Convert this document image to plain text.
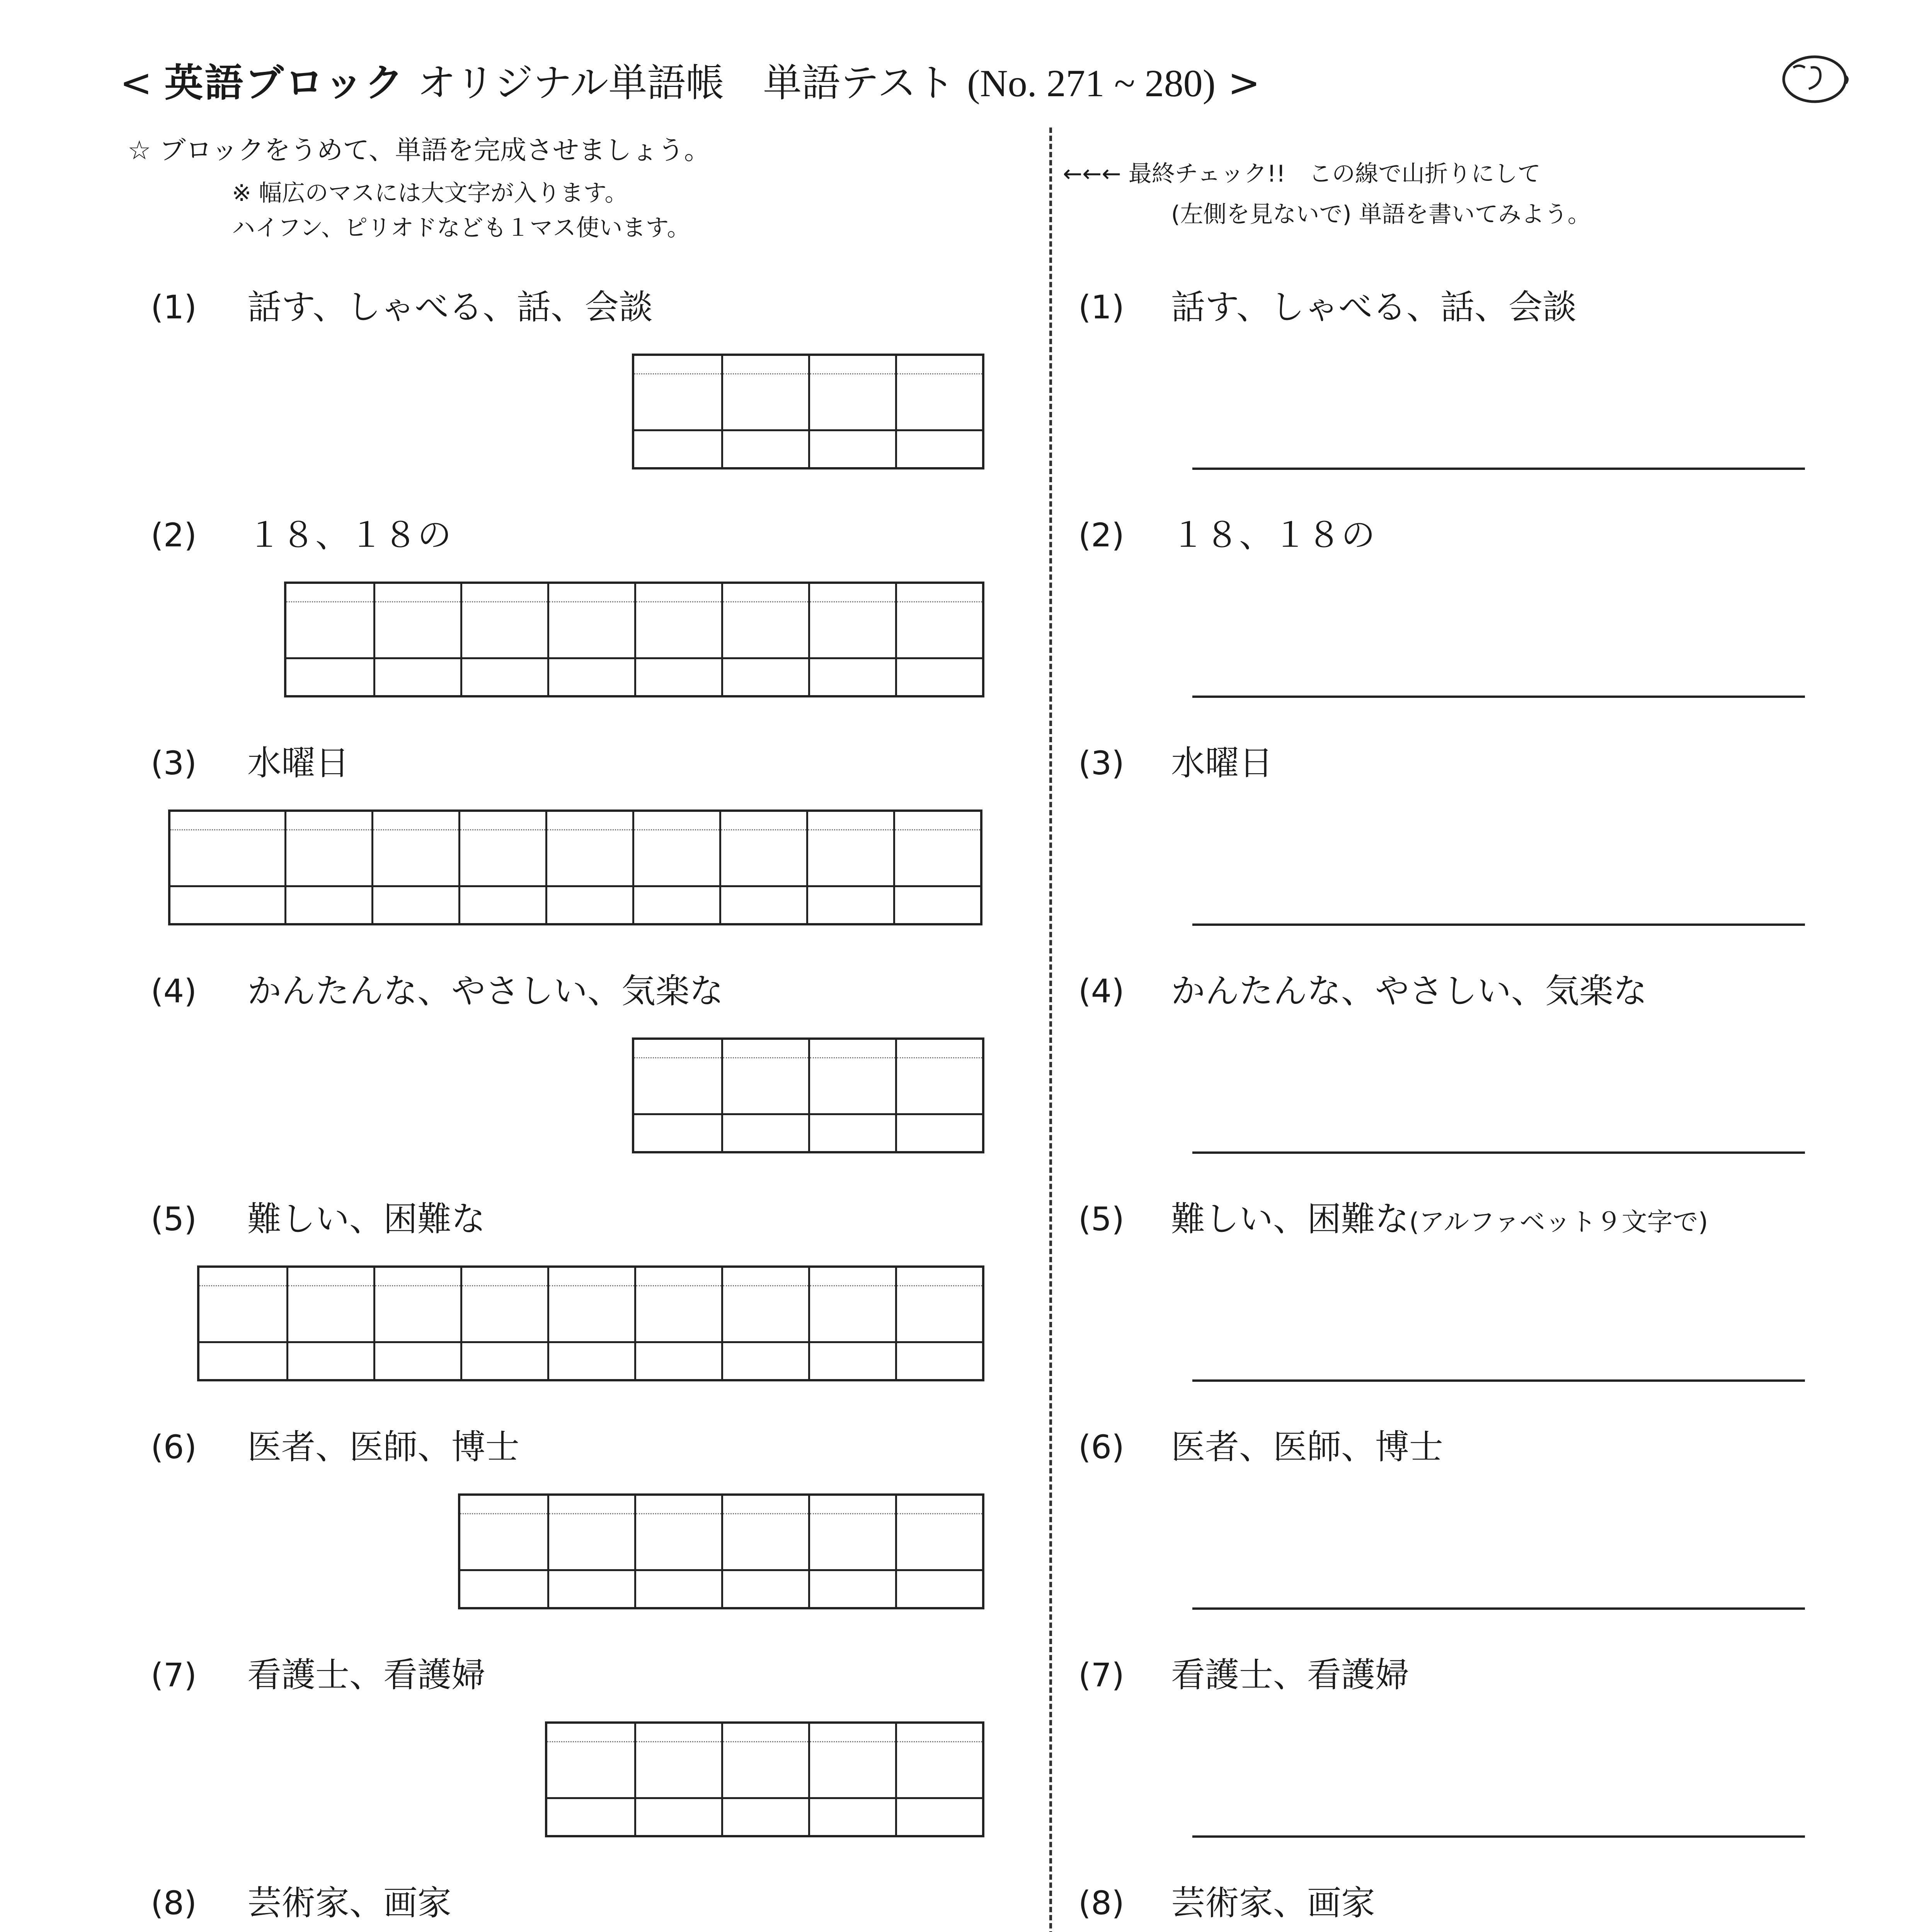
< 英語ブロック オリジナル単語帳　単語テスト (No. 271 ~ 280) >
☆ ブロックをうめて、単語を完成させましょう。
※ 幅広のマスには大文字が入ります。
ハイフン、ピリオドなども１マス使います。
←←← 最終チェック!!　この線で山折りにして
(左側を見ないで) 単語を書いてみよう。
(1) 話す、しゃべる、話、会談
(2) １８、１８の
(3) 水曜日
(4) かんたんな、やさしい、気楽な
(5) 難しい、困難な
(6) 医者、医師、博士
(7) 看護士、看護婦
(8) 芸術家、画家
(1) 話す、しゃべる、話、会談
(2) １８、１８の
(3) 水曜日
(4) かんたんな、やさしい、気楽な
(5) 難しい、困難な(アルファベット９文字で)
(6) 医者、医師、博士
(7) 看護士、看護婦
(8) 芸術家、画家
